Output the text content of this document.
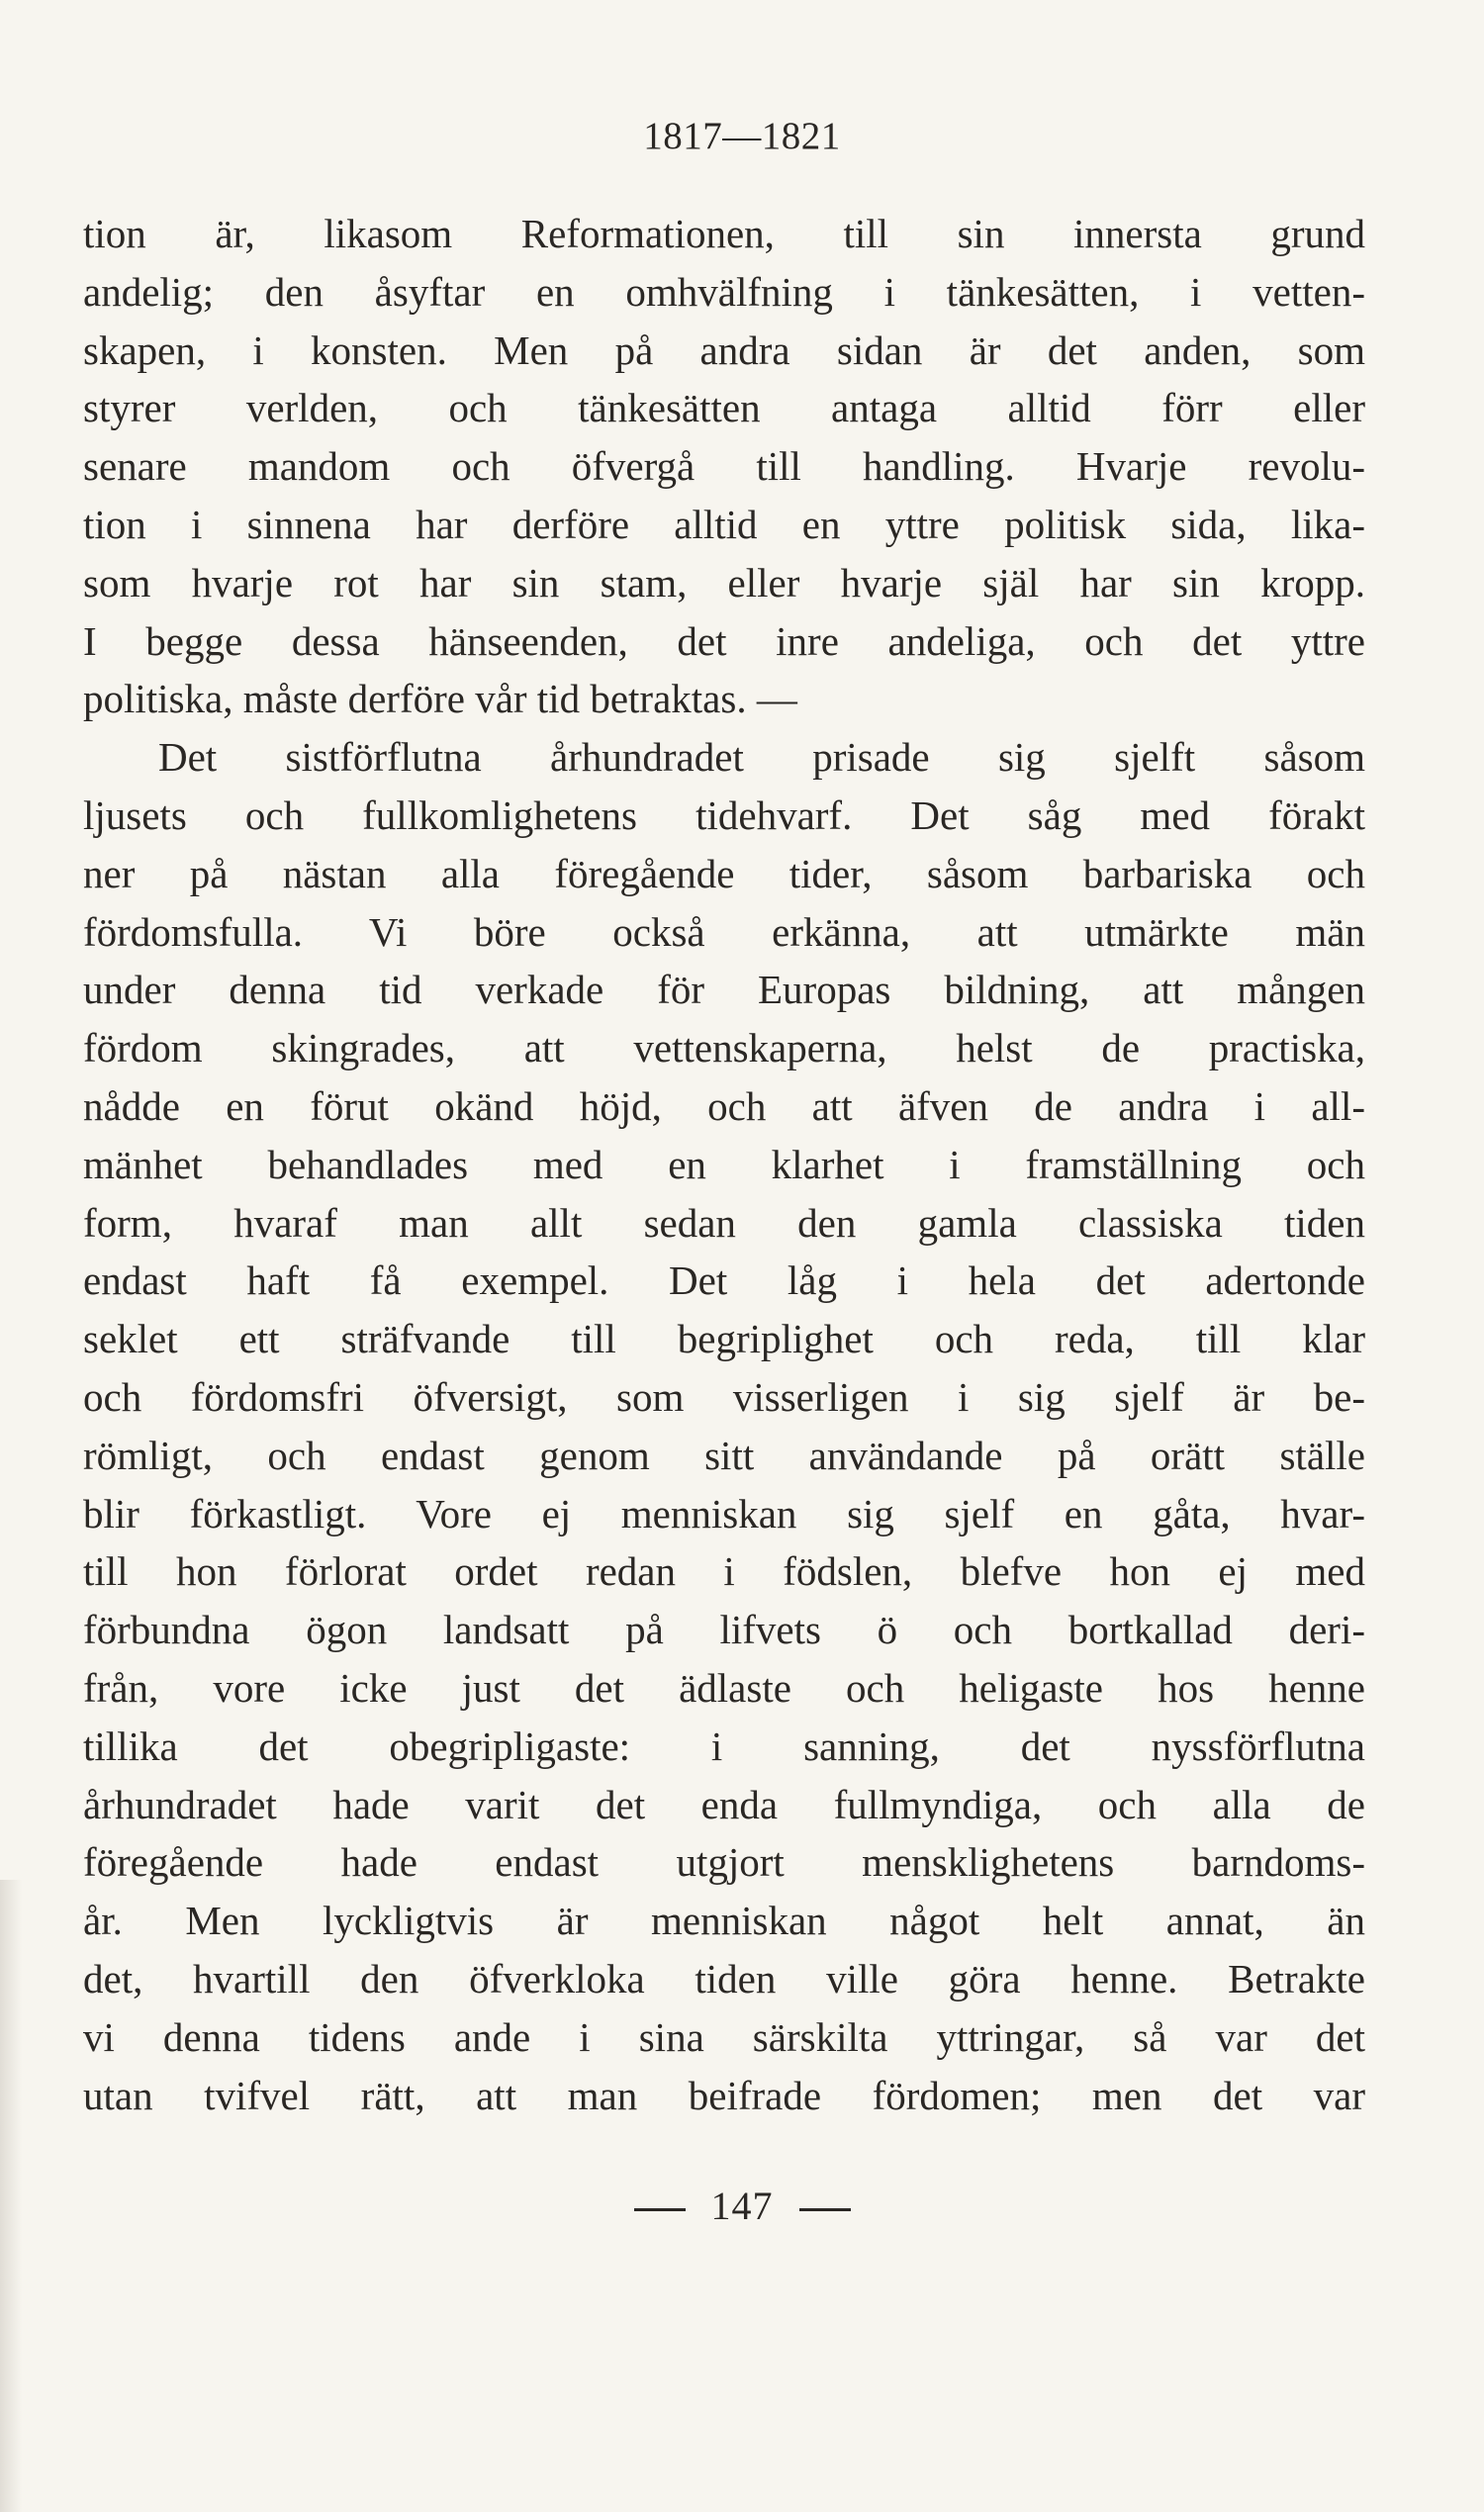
1817—1821
tion är, likasom Reformationen, till sin innersta grund
andelig; den åsyftar en omhvälfning i tänkesätten, i vetten-
skapen, i konsten. Men på andra sidan är det anden, som
styrer verlden, och tänkesätten antaga alltid förr eller
senare mandom och öfvergå till handling. Hvarje revolu-
tion i sinnena har derföre alltid en yttre politisk sida, lika-
som hvarje rot har sin stam, eller hvarje själ har sin kropp.
I begge dessa hänseenden, det inre andeliga, och det yttre
politiska, måste derföre vår tid betraktas. —
Det sistförflutna århundradet prisade sig sjelft såsom
ljusets och fullkomlighetens tidehvarf. Det såg med förakt
ner på nästan alla föregående tider, såsom barbariska och
fördomsfulla. Vi böre också erkänna, att utmärkte män
under denna tid verkade för Europas bildning, att mången
fördom skingrades, att vettenskaperna, helst de practiska,
nådde en förut okänd höjd, och att äfven de andra i all-
mänhet behandlades med en klarhet i framställning och
form, hvaraf man allt sedan den gamla classiska tiden
endast haft få exempel. Det låg i hela det adertonde
seklet ett sträfvande till begriplighet och reda, till klar
och fördomsfri öfversigt, som visserligen i sig sjelf är be-
römligt, och endast genom sitt användande på orätt ställe
blir förkastligt. Vore ej menniskan sig sjelf en gåta, hvar-
till hon förlorat ordet redan i födslen, blefve hon ej med
förbundna ögon landsatt på lifvets ö och bortkallad deri-
från, vore icke just det ädlaste och heligaste hos henne
tillika det obegripligaste: i sanning, det nyssförflutna
århundradet hade varit det enda fullmyndiga, och alla de
föregående hade endast utgjort mensklighetens barndoms-
år. Men lyckligtvis är menniskan något helt annat, än
det, hvartill den öfverkloka tiden ville göra henne. Betrakte
vi denna tidens ande i sina särskilta yttringar, så var det
utan tvifvel rätt, att man beifrade fördomen; men det var
147
